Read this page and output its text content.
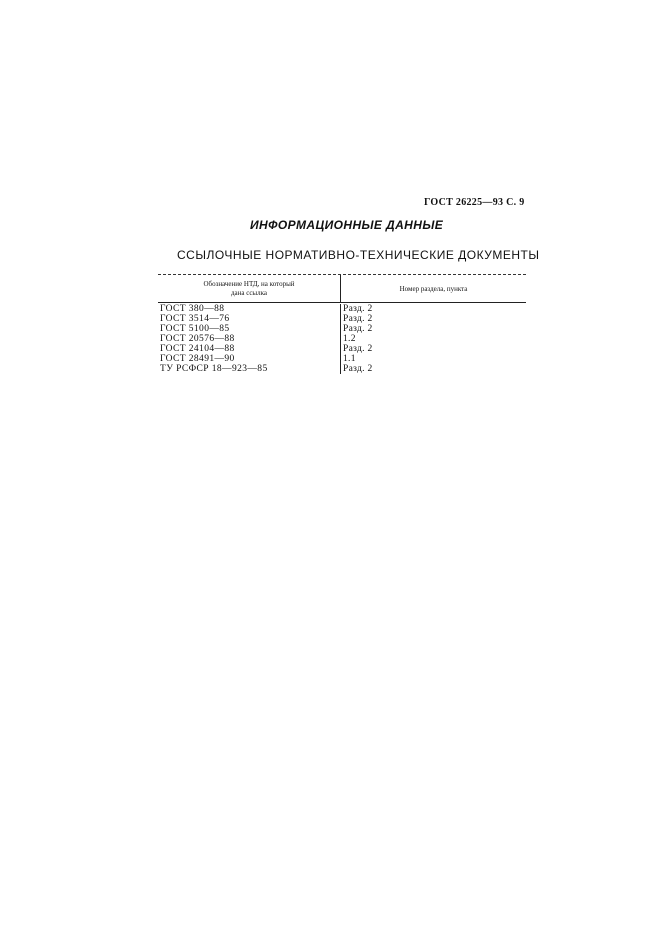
ГОСТ 26225—93 С. 9
ИНФОРМАЦИОННЫЕ ДАННЫЕ
ССЫЛОЧНЫЕ НОРМАТИВНО-ТЕХНИЧЕСКИЕ ДОКУМЕНТЫ
Обозначение НТД, на который
дана ссылка	Номер раздела, пункта
ГОСТ 380—88	Разд. 2
ГОСТ 3514—76	Разд. 2
ГОСТ 5100—85	Разд. 2
ГОСТ 20576—88	1.2
ГОСТ 24104—88	Разд. 2
ГОСТ 28491—90	1.1
ТУ РСФСР 18—923—85	Разд. 2
